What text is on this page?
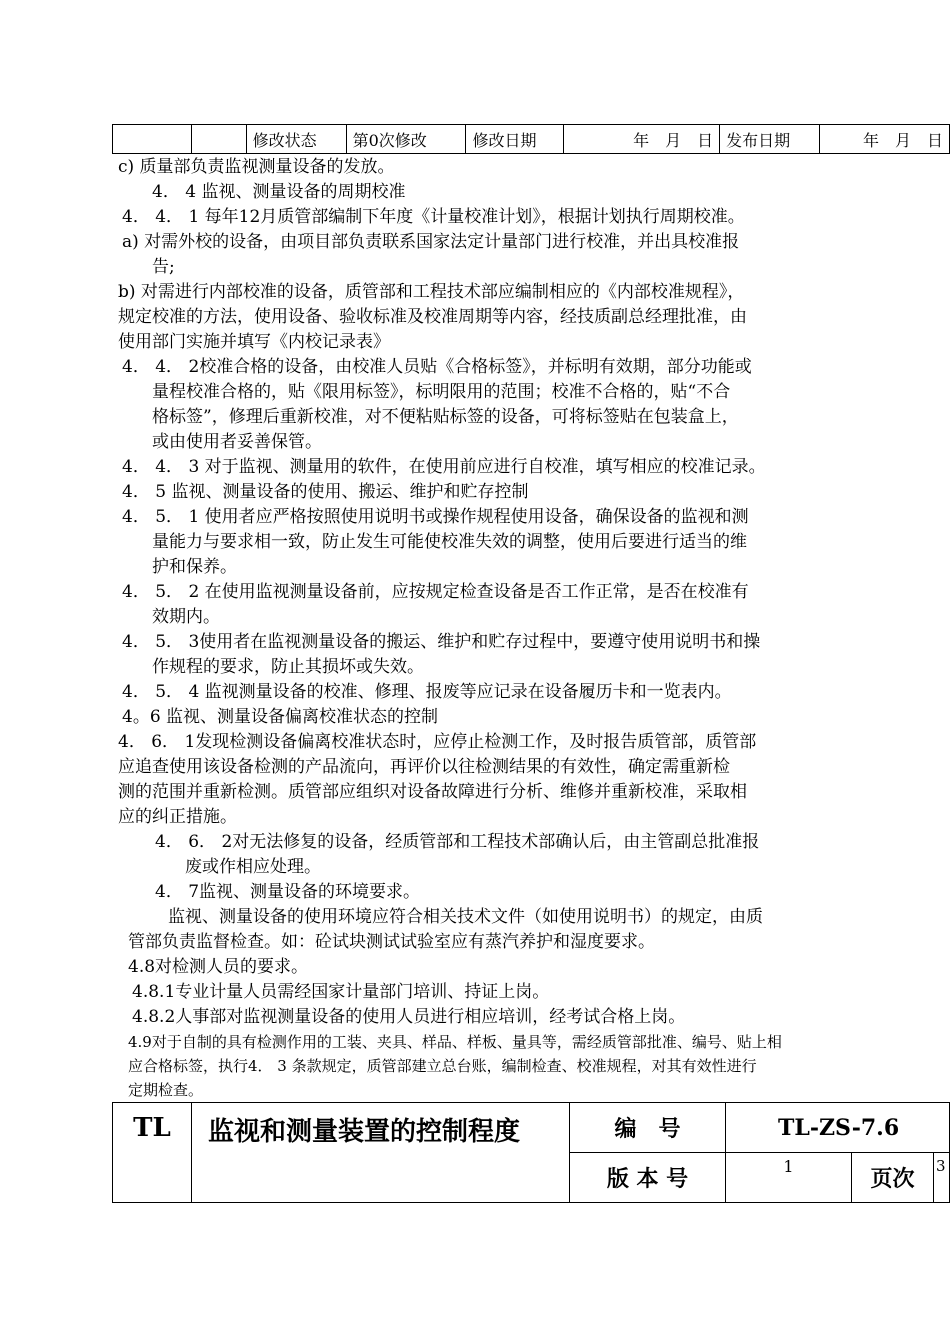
		修改状态	第0次修改	修改日期	年　月　日	发布日期	年　月　日
c) 质量部负责监视测量设备的发放。
4． 4 监视、测量设备的周期校准
4． 4． 1 每年12月质管部编制下年度《计量校准计划》，根据计划执行周期校准。
a) 对需外校的设备，由项目部负责联系国家法定计量部门进行校准，并出具校准报
告;
b) 对需进行内部校准的设备，质管部和工程技术部应编制相应的《内部校准规程》，
规定校准的方法，使用设备、验收标准及校准周期等内容，经技质副总经理批准，由
使用部门实施并填写《内校记录表》
4． 4． 2校准合格的设备，由校准人员贴《合格标签》，并标明有效期，部分功能或
量程校准合格的，贴《限用标签》，标明限用的范围；校准不合格的，贴“不合
格标签”，修理后重新校准，对不便粘贴标签的设备，可将标签贴在包装盒上，
或由使用者妥善保管。
4． 4． 3 对于监视、测量用的软件，在使用前应进行自校准，填写相应的校准记录。
4． 5 监视、测量设备的使用、搬运、维护和贮存控制
4． 5． 1 使用者应严格按照使用说明书或操作规程使用设备，确保设备的监视和测
量能力与要求相一致，防止发生可能使校准失效的调整，使用后要进行适当的维
护和保养。
4． 5． 2 在使用监视测量设备前，应按规定检查设备是否工作正常，是否在校准有
效期内。
4． 5． 3使用者在监视测量设备的搬运、维护和贮存过程中，要遵守使用说明书和操
作规程的要求，防止其损坏或失效。
4． 5． 4 监视测量设备的校准、修理、报废等应记录在设备履历卡和一览表内。
4。6 监视、测量设备偏离校准状态的控制
4． 6． 1发现检测设备偏离校准状态时，应停止检测工作，及时报告质管部，质管部
应追查使用该设备检测的产品流向，再评价以往检测结果的有效性，确定需重新检
测的范围并重新检测。质管部应组织对设备故障进行分析、维修并重新校准，采取相
应的纠正措施。
4． 6． 2对无法修复的设备，经质管部和工程技术部确认后，由主管副总批准报
废或作相应处理。
4． 7监视、测量设备的环境要求。
监视、测量设备的使用环境应符合相关技术文件（如使用说明书）的规定，由质
管部负责监督检查。如：砼试块测试试验室应有蒸汽养护和湿度要求。
4.8对检测人员的要求。
4.8.1专业计量人员需经国家计量部门培训、持证上岗。
4.8.2人事部对监视测量设备的使用人员进行相应培训，经考试合格上岗。
4.9对于自制的具有检测作用的工装、夹具、样品、样板、量具等，需经质管部批准、编号、贴上相
应合格标签，执行4． 3 条款规定，质管部建立总台账，编制检查、校准规程，对其有效性进行
定期检查。
TL	监视和测量装置的控制程度	编　号	TL-ZS-7.6		
		版 本 号	1	页次	3
